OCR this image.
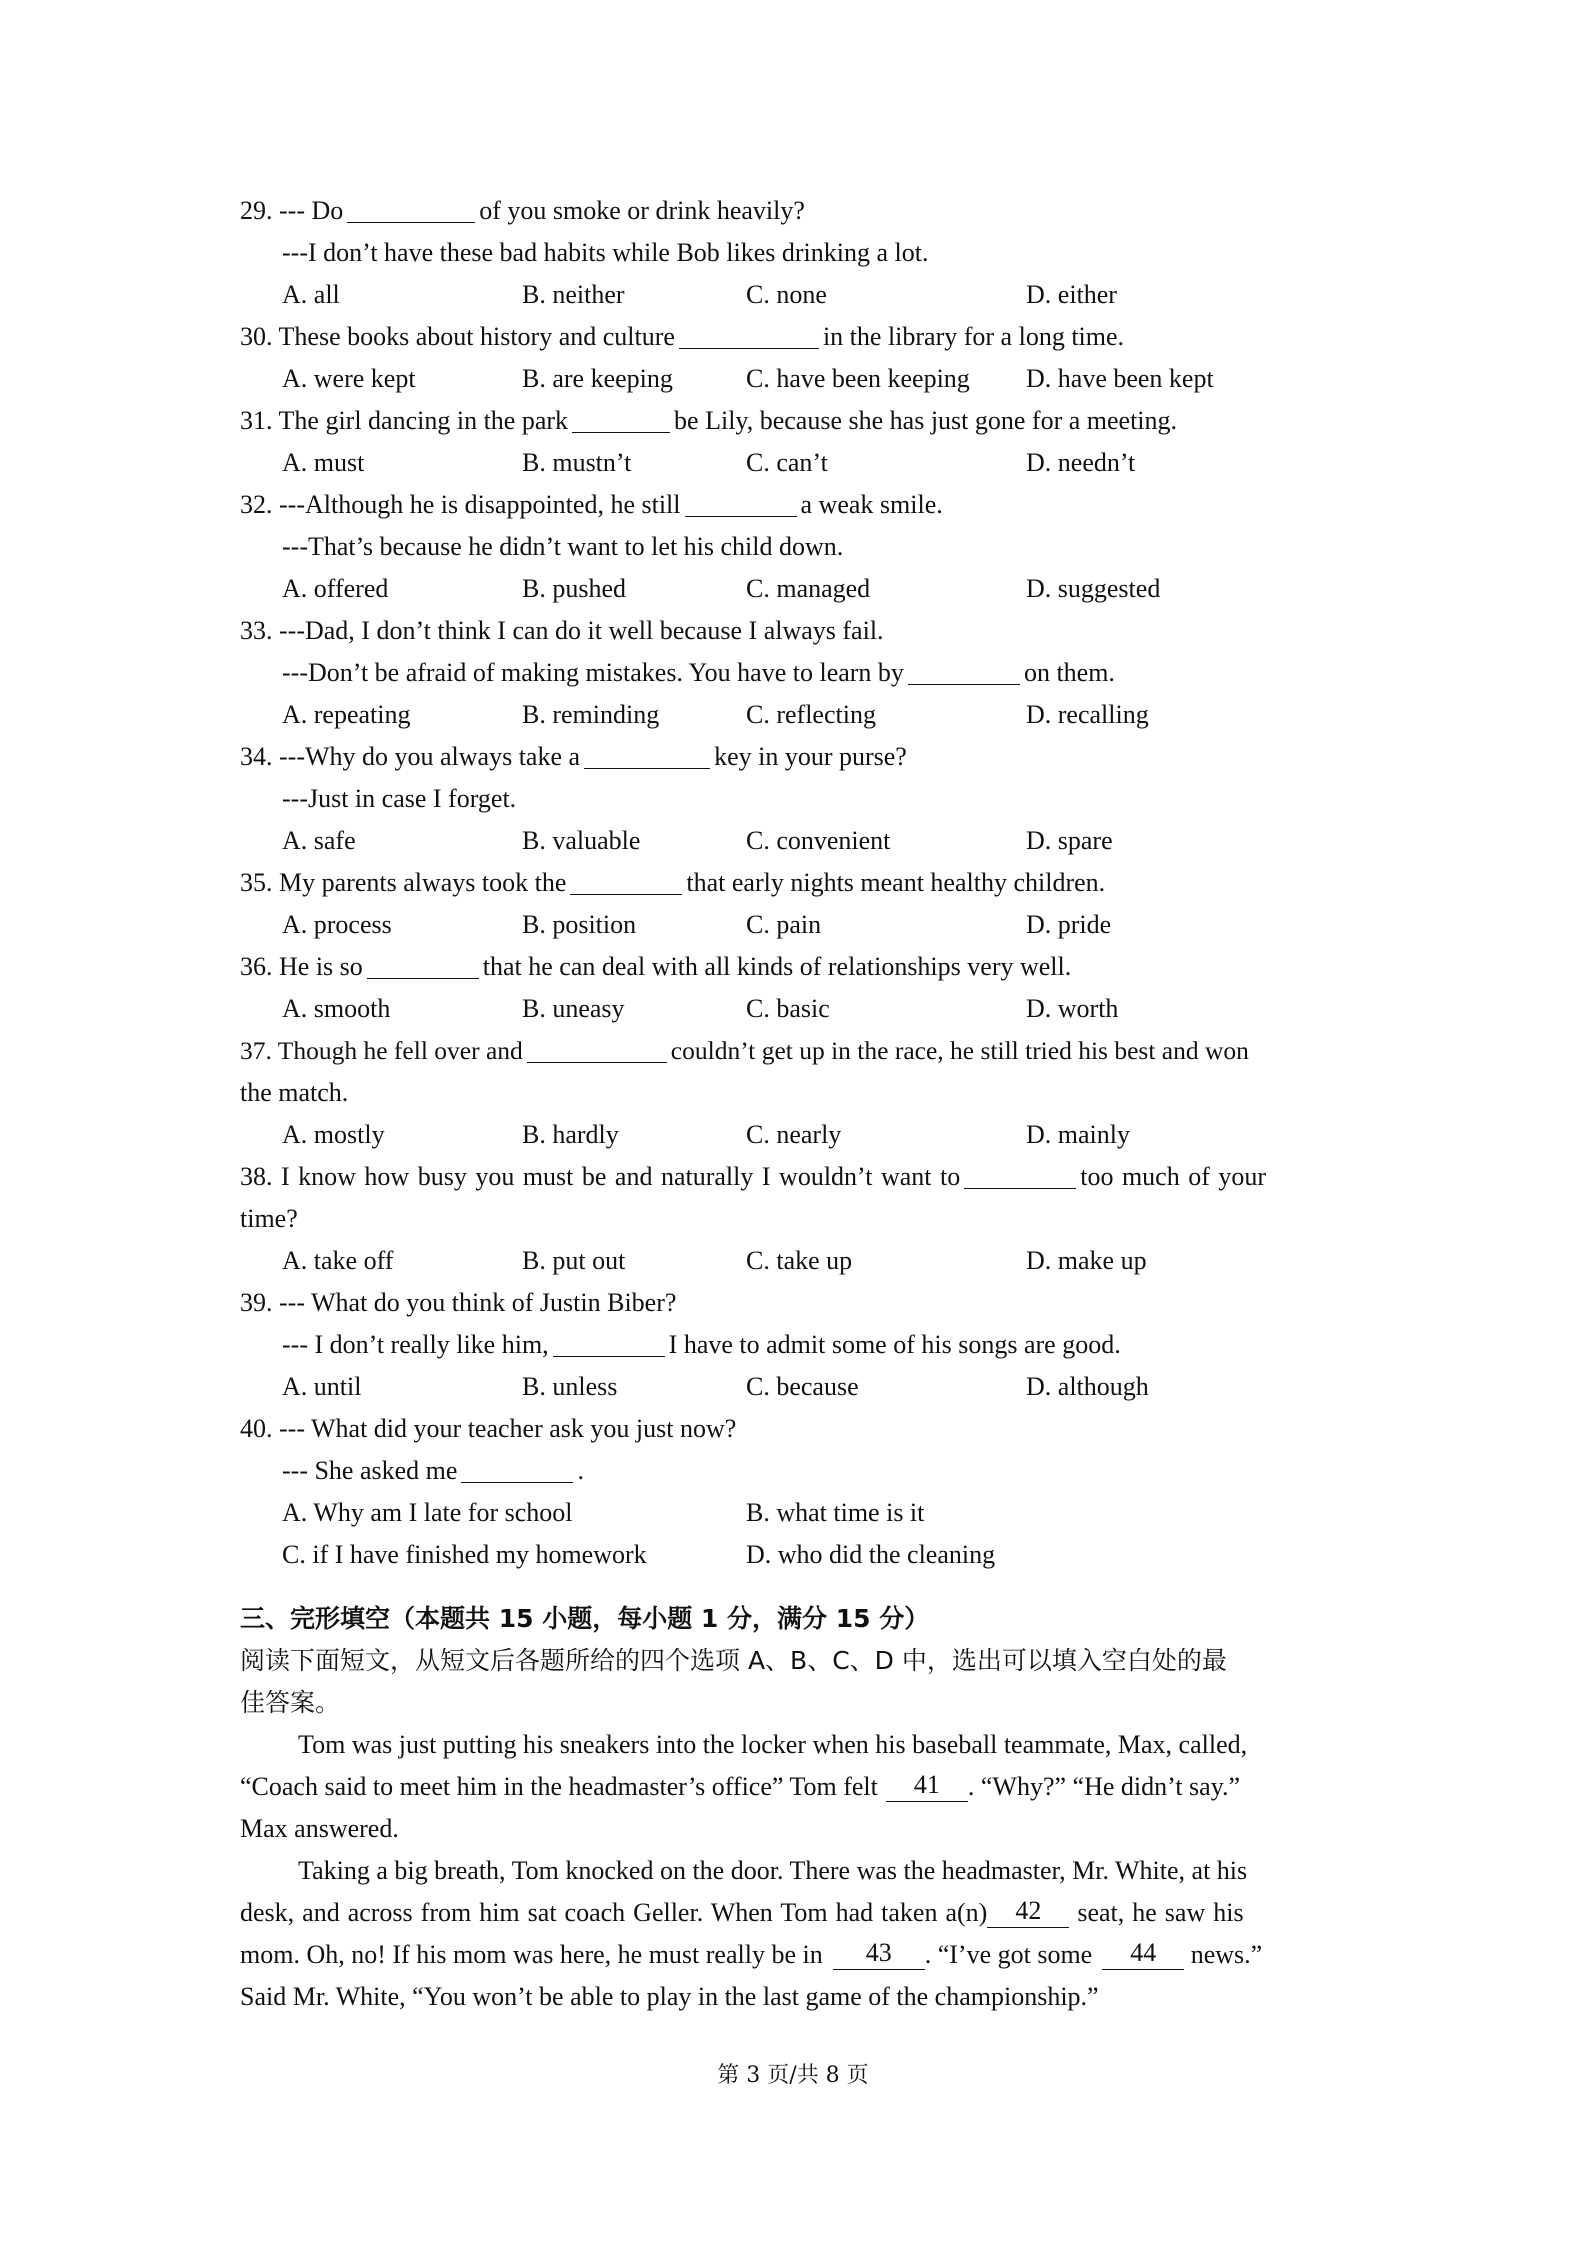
29. --- Do	of you smoke or drink heavily?
---I don’t have these bad habits while Bob likes drinking a lot.
A. all	B. neither	C. none	D. either
30. These books about history and culture	in the library for a long time.
A. were kept	B. are keeping	C. have been keeping D. have been kept
31. The girl dancing in the park	be Lily, because she has just gone for a meeting.
A. must	B. mustn’t	C. can’t	D. needn’t
32. ---Although he is disappointed, he still	a weak smile.
---That’s because he didn’t want to let his child down.
A. offered	B. pushed	C. managed	D. suggested
33. ---Dad, I don’t think I can do it well because I always fail.
---Don’t be afraid of making mistakes. You have to learn by	on them.
A. repeating	B. reminding	C. reflecting	D. recalling
34. ---Why do you always take a	key in your purse?
---Just in case I forget.
A. safe	B. valuable	C. convenient	D. spare
35. My parents always took the	that early nights meant healthy children.
A. process	B. position	C. pain	D. pride
36. He is so	that he can deal with all kinds of relationships very well.
A. smooth	B. uneasy	C. basic	D. worth
37. Though he fell over and	couldn’t get up in the race, he still tried his best and won
the match.
A. mostly	B. hardly	C. nearly	D. mainly
38. I know how busy you must be and naturally I wouldn’t want to	too much of your
time?
A. take off	B. put out	C. take up	D. make up
39. --- What do you think of Justin Biber?
--- I don’t really like him,	I have to admit some of his songs are good.
A. until	B. unless	C. because	D. although
40. --- What did your teacher ask you just now?
--- She asked me	.
A. Why am I late for school	B. what time is it
C. if I have finished my homework	D. who did the cleaning
三、完形填空（本题共 15 小题，每小题 1 分，满分 15 分）
阅读下面短文，从短文后各题所给的四个选项 A、B、C、D 中，选出可以填入空白处的最
佳答案。
Tom was just putting his sneakers into the locker when his baseball teammate, Max, called,
“Coach said to meet him in the headmaster’s office” Tom felt 41 . “Why?” “He didn’t say.”
Max answered.
Taking a big breath, Tom knocked on the door. There was the headmaster, Mr. White, at his
desk, and across from him sat coach Geller. When Tom had taken a(n) 42 seat, he saw his
mom. Oh, no! If his mom was here, he must really be in 43 . “I’ve got some 44 news.”
Said Mr. White, “You won’t be able to play in the last game of the championship.”
第 3 页/共 8 页
